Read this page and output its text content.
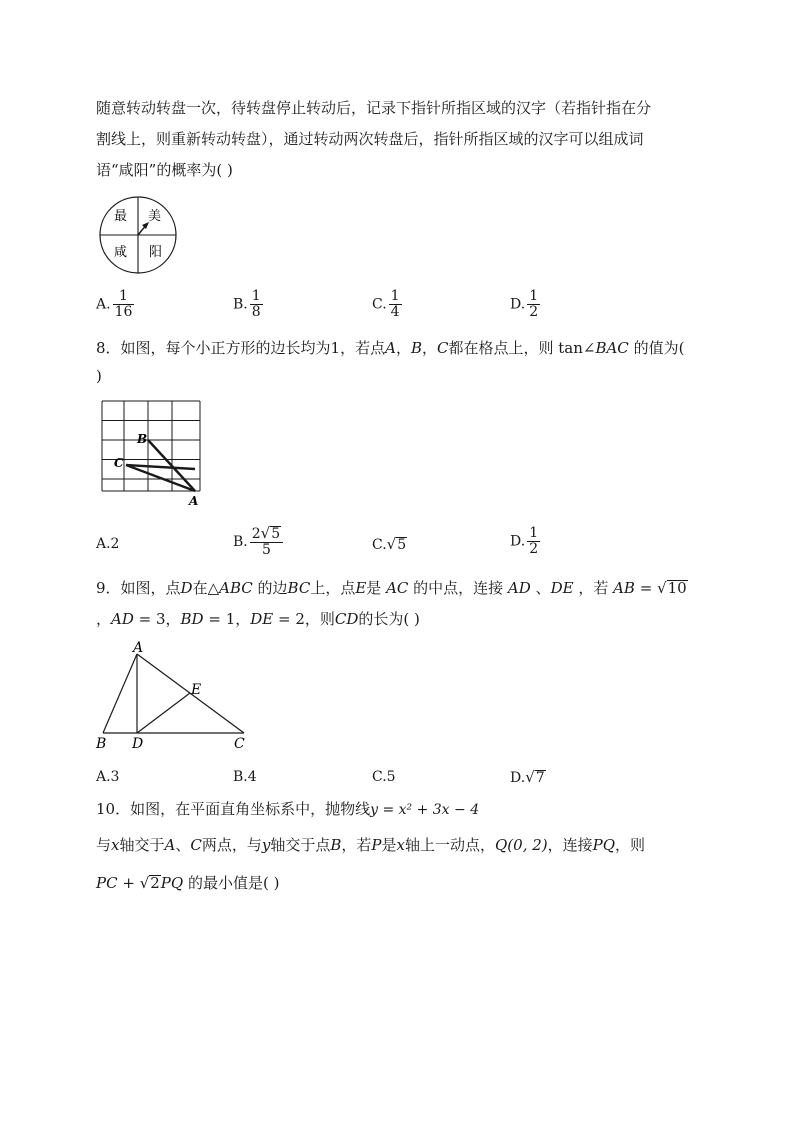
随意转动转盘一次，待转盘停止转动后，记录下指针所指区域的汉字（若指针指在分
割线上，则重新转动转盘），通过转动两次转盘后，指针所指区域的汉字可以组成词
语“咸阳”的概率为( )
最 美
咸 阳
A. $\frac{1}{16}$	B. $\frac{1}{8}$	C. $\frac{1}{4}$	D. $\frac{1}{2}$
8．如图，每个小正方形的边长均为1，若点A，B，C都在格点上，则 tan∠BAC 的值为(
)
B
C
A
A.2	B. $\frac{2√5}{5}$	C.√5	D. $\frac{1}{2}$
9．如图，点D在△ABC 的边BC上，点E是 AC 的中点，连接 AD 、DE ，若 AB = √10
，AD = 3，BD = 1，DE = 2，则CD的长为( )
A
E
B D	C
A.3	B.4	C.5	D.√7
10．如图，在平面直角坐标系中，抛物线y = x² + 3x − 4
与x轴交于A、C两点，与y轴交于点B，若P是x轴上一动点，Q(0, 2)，连接PQ，则
PC + √2PQ 的最小值是( )
